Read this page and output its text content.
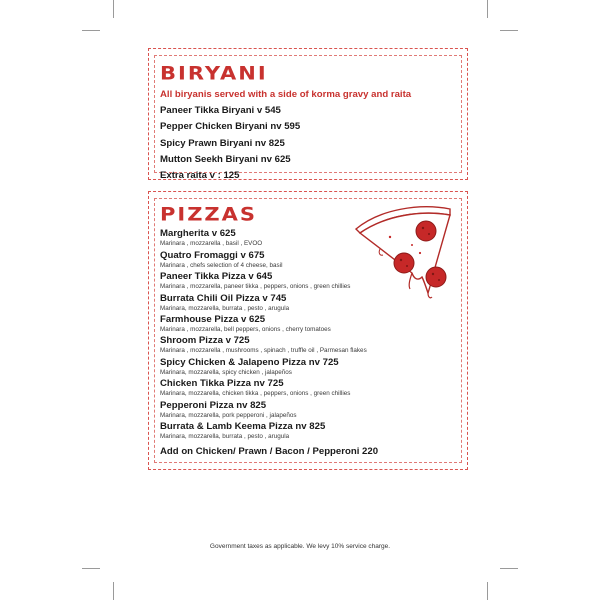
BIRYANI
All biryanis served with a side of korma gravy and raita
Paneer Tikka Biryani v 545
Pepper Chicken Biryani nv 595
Spicy Prawn Biryani nv 825
Mutton Seekh Biryani nv 625
Extra raita v : 125
PIZZAS
Margherita v 625
Marinara , mozzarella , basil , EVOO
Quatro Fromaggi v 675
Marinara , chefs selection of 4 cheese, basil
Paneer Tikka Pizza v 645
Marinara , mozzarella, paneer tikka , peppers, onions , green chillies
Burrata Chili Oil Pizza v 745
Marinara, mozzarella, burrata , pesto , arugula
Farmhouse Pizza v 625
Marinara , mozzarella, bell peppers, onions , cherry tomatoes
Shroom Pizza v 725
Marinara , mozzarella , mushrooms , spinach , truffle oil , Parmesan flakes
Spicy Chicken & Jalapeno Pizza nv 725
Marinara, mozzarella, spicy chicken , jalapeños
Chicken Tikka Pizza nv 725
Marinara, mozzarella, chicken tikka , peppers, onions , green chillies
Pepperoni Pizza nv 825
Marinara, mozzarella, pork pepperoni , jalapeños
Burrata & Lamb Keema Pizza nv 825
Marinara, mozzarella, burrata , pesto , arugula
Add on Chicken/ Prawn / Bacon / Pepperoni 220
Government taxes as applicable. We levy 10% service charge.
